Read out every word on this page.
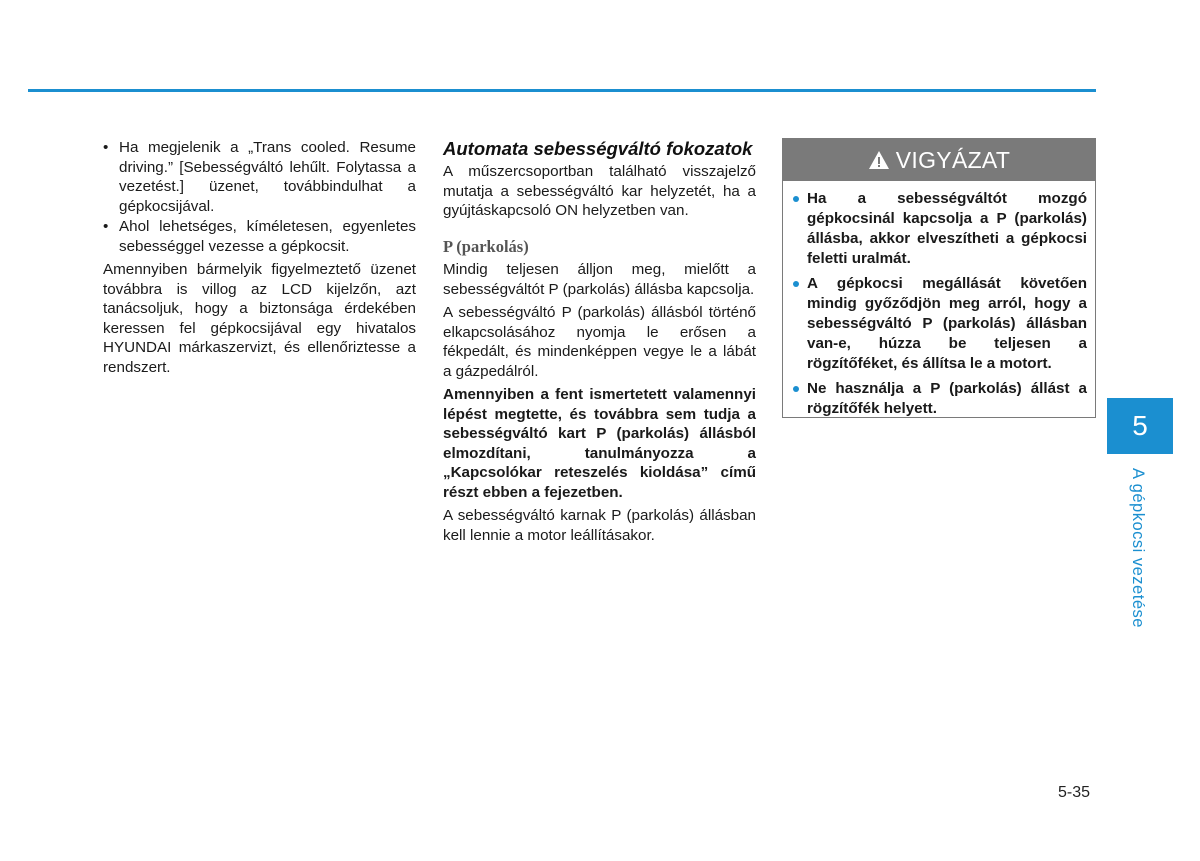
• Ha megjelenik a „Trans cooled. Resume driving.” [Sebességváltó lehűlt. Folytassa a vezetést.] üzenet, továbbindulhat a gépkocsijával.
• Ahol lehetséges, kíméletesen, egyenletes sebességgel vezesse a gépkocsit.

Amennyiben bármelyik figyelmeztető üzenet továbbra is villog az LCD kijelzőn, azt tanácsoljuk, hogy a biztonsága érdekében keressen fel gépkocsijával egy hivatalos HYUNDAI márkaszervizt, és ellenőriztesse a rendszert.

Automata sebességváltó fokozatok

A műszercsoportban található visszajelző mutatja a sebességváltó kar helyzetét, ha a gyújtáskapcsoló ON helyzetben van.

P (parkolás)

Mindig teljesen álljon meg, mielőtt a sebességváltót P (parkolás) állásba kapcsolja.

A sebességváltó P (parkolás) állásból történő elkapcsolásához nyomja le erősen a fékpedált, és mindenképpen vegye le a lábát a gázpedálról.

Amennyiben a fent ismertetett valamennyi lépést megtette, és továbbra sem tudja a sebességváltó kart P (parkolás) állásból elmozdítani, tanulmányozza a „Kapcsolókar reteszelés kioldása” című részt ebben a fejezetben.

A sebességváltó karnak P (parkolás) állásban kell lennie a motor leállításakor.

VIGYÁZAT
Ha a sebességváltót mozgó gépkocsinál kapcsolja a P (parkolás) állásba, akkor elveszítheti a gépkocsi feletti uralmát.
A gépkocsi megállását követően mindig győződjön meg arról, hogy a sebességváltó P (parkolás) állásban van-e, húzza be teljesen a rögzítőféket, és állítsa le a motort.
Ne használja a P (parkolás) állást a rögzítőfék helyett.
5
A gépkocsi vezetése
5-35
